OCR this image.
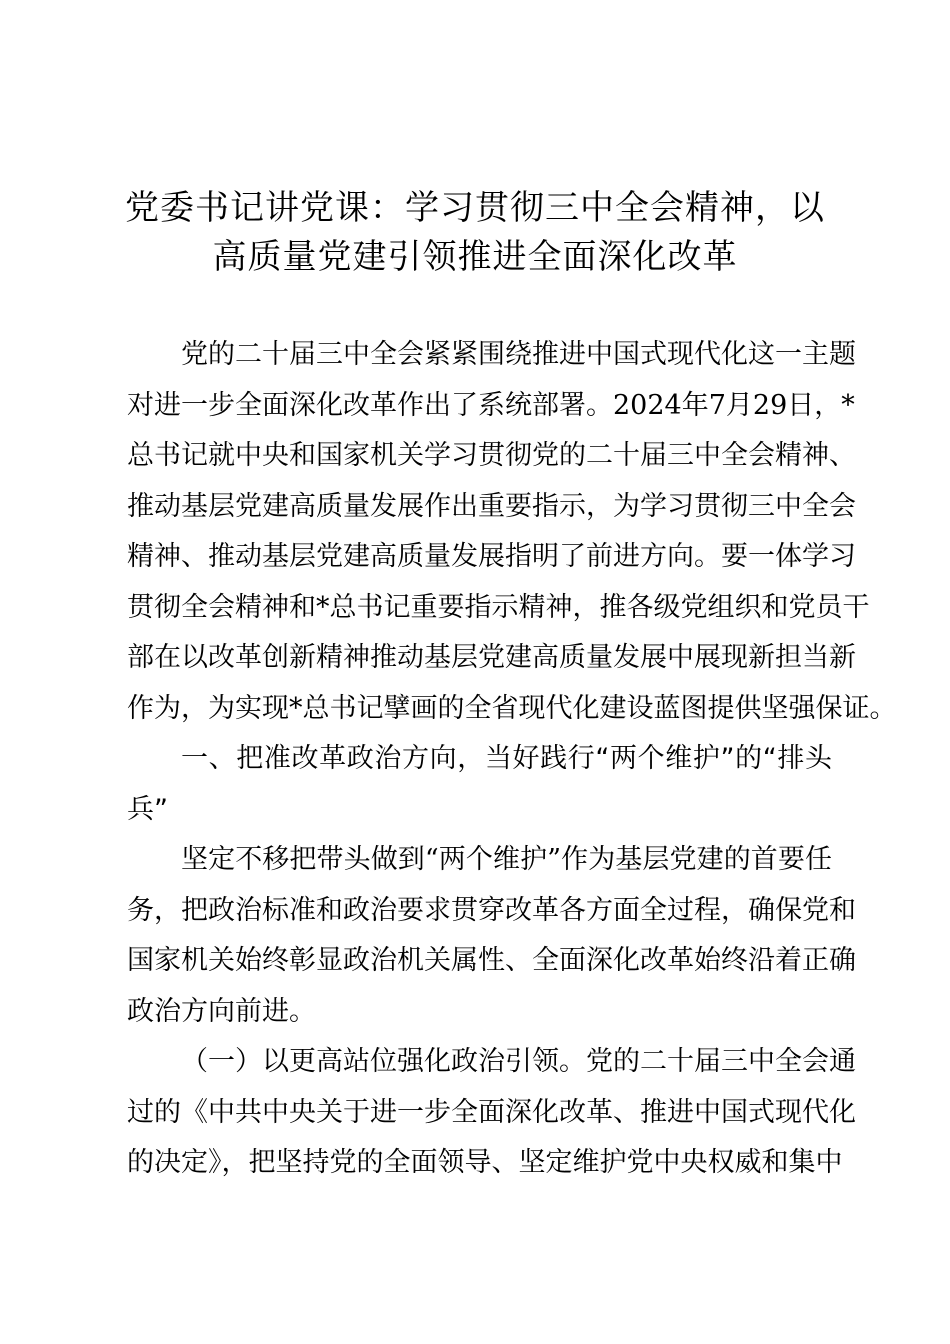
党委书记讲党课：学习贯彻三中全会精神，以
高质量党建引领推进全面深化改革
党的二十届三中全会紧紧围绕推进中国式现代化这一主题
对进一步全面深化改革作出了系统部署。2024年7月29日，*
总书记就中央和国家机关学习贯彻党的二十届三中全会精神、
推动基层党建高质量发展作出重要指示，为学习贯彻三中全会
精神、推动基层党建高质量发展指明了前进方向。要一体学习
贯彻全会精神和*总书记重要指示精神，推各级党组织和党员干
部在以改革创新精神推动基层党建高质量发展中展现新担当新
作为，为实现*总书记擘画的全省现代化建设蓝图提供坚强保证。
一、把准改革政治方向，当好践行“两个维护”的“排头
兵”
坚定不移把带头做到“两个维护”作为基层党建的首要任
务，把政治标准和政治要求贯穿改革各方面全过程，确保党和
国家机关始终彰显政治机关属性、全面深化改革始终沿着正确
政治方向前进。
（一）以更高站位强化政治引领。党的二十届三中全会通
过的《中共中央关于进一步全面深化改革、推进中国式现代化
的决定》，把坚持党的全面领导、坚定维护党中央权威和集中
